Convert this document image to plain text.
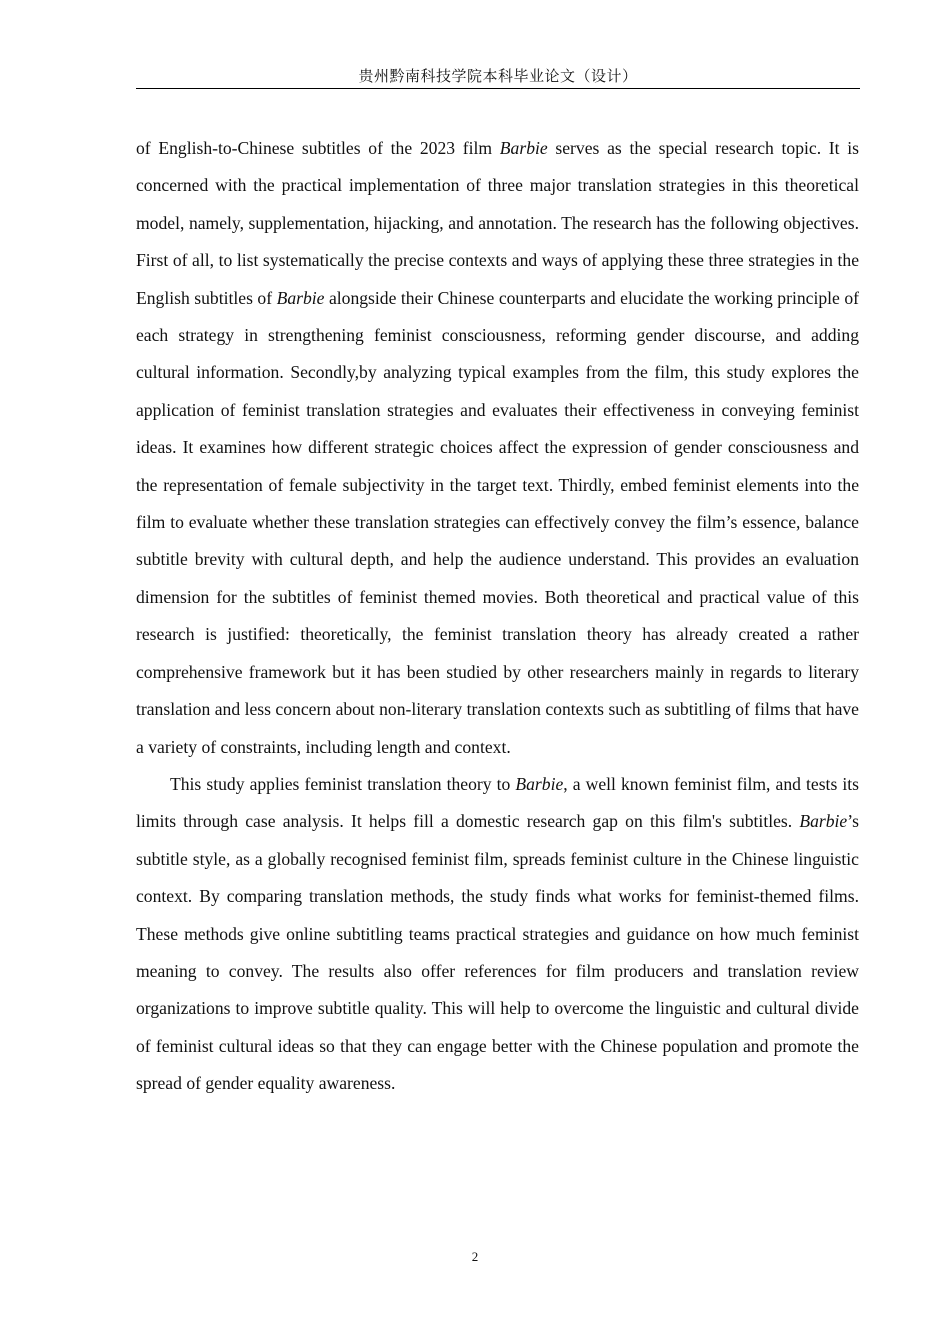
贵州黔南科技学院本科毕业论文（设计）

of English-to-Chinese subtitles of the 2023 film Barbie serves as the special research topic. It is concerned with the practical implementation of three major translation strategies in this theoretical model, namely, supplementation, hijacking, and annotation. The research has the following objectives. First of all, to list systematically the precise contexts and ways of applying these three strategies in the English subtitles of Barbie alongside their Chinese counterparts and elucidate the working principle of each strategy in strengthening feminist consciousness, reforming gender discourse, and adding cultural information. Secondly,by analyzing typical examples from the film, this study explores the application of feminist translation strategies and evaluates their effectiveness in conveying feminist ideas. It examines how different strategic choices affect the expression of gender consciousness and the representation of female subjectivity in the target text. Thirdly, embed feminist elements into the film to evaluate whether these translation strategies can effectively convey the film’s essence, balance subtitle brevity with cultural depth, and help the audience understand. This provides an evaluation dimension for the subtitles of feminist themed movies. Both theoretical and practical value of this research is justified: theoretically, the feminist translation theory has already created a rather comprehensive framework but it has been studied by other researchers mainly in regards to literary translation and less concern about non-literary translation contexts such as subtitling of films that have a variety of constraints, including length and context.

This study applies feminist translation theory to Barbie, a well known feminist film, and tests its limits through case analysis. It helps fill a domestic research gap on this film's subtitles. Barbie’s subtitle style, as a globally recognised feminist film, spreads feminist culture in the Chinese linguistic context. By comparing translation methods, the study finds what works for feminist-themed films. These methods give online subtitling teams practical strategies and guidance on how much feminist meaning to convey. The results also offer references for film producers and translation review organizations to improve subtitle quality. This will help to overcome the linguistic and cultural divide of feminist cultural ideas so that they can engage better with the Chinese population and promote the spread of gender equality awareness.

2
